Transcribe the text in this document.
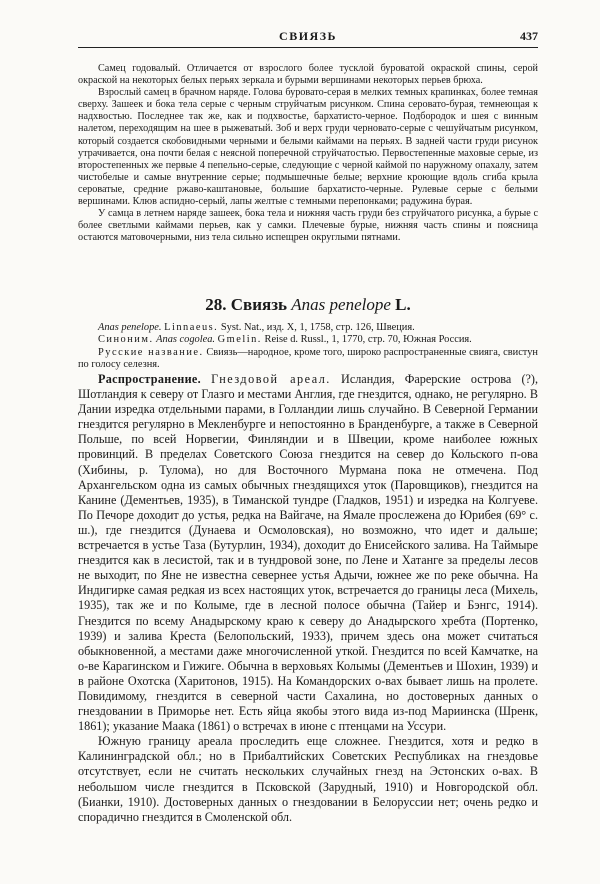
СВИЯЗЬ	437

Самец годовалый. Отличается от взрослого более тусклой буроватой окраской спины, серой окраской на некоторых белых перьях зеркала и бурыми вершинами некоторых перьев брюха.

Взрослый самец в брачном наряде. Голова буровато-серая в мелких темных крапинках, более темная сверху. Зашеек и бока тела серые с черным струйчатым рисунком. Спина серовато-бурая, темнеющая к надхвостью. Последнее так же, как и подхвостье, бархатисто-черное. Подбородок и шея с винным налетом, переходящим на шее в рыжеватый. Зоб и верх груди черновато-серые с чешуйчатым рисунком, который создается скобовидными черными и белыми каймами на перьях. В задней части груди рисунок утрачивается, она почти белая с неясной поперечной струйчатостью. Первостепенные маховые серые, из второстепенных же первые 4 пепельно-серые, следующие с черной каймой по наружному опахалу, затем чистобелые и самые внутренние серые; подмышечные белые; верхние кроющие вдоль сгиба крыла сероватые, средние ржаво-каштановые, большие бархатисто-черные. Рулевые серые с белыми вершинами. Клюв аспидно-серый, лапы желтые с темными перепонками; радужина бурая.

У самца в летнем наряде зашеек, бока тела и нижняя часть груди без струйчатого рисунка, а бурые с более светлыми каймами перьев, как у самки. Плечевые бурые, нижняя часть спины и поясница остаются матовочерными, низ тела сильно испещрен округлыми пятнами.

28. Свиязь Anas penelope L.

Anas penelope. Linnaeus. Syst. Nat., изд. X, 1, 1758, стр. 126, Швеция.

Синоним. Anas cogolea. Gmelin. Reise d. Russl., 1, 1770, стр. 70, Южная Россия.

Русские название. Свиязь—народное, кроме того, широко распространенные свияга, свистун по голосу селезня.

Распространение. Гнездовой ареал. Исландия, Фарерские острова (?), Шотландия к северу от Глазго и местами Англия, где гнездится, однако, не регулярно. В Дании изредка отдельными парами, в Голландии лишь случайно. В Северной Германии гнездится регулярно в Мекленбурге и непостоянно в Бранденбурге, а также в Северной Польше, по всей Норвегии, Финляндии и в Швеции, кроме наиболее южных провинций. В пределах Советского Союза гнездится на север до Кольского п-ова (Хибины, р. Тулома), но для Восточного Мурмана пока не отмечена. Под Архангельском одна из самых обычных гнездящихся уток (Паровщиков), гнездится на Канине (Дементьев, 1935), в Тиманской тундре (Гладков, 1951) и изредка на Колгуеве. По Печоре доходит до устья, редка на Вайгаче, на Ямале прослежена до Юрибея (69° с. ш.), где гнездится (Дунаева и Осмоловская), но возможно, что идет и дальше; встречается в устье Таза (Бутурлин, 1934), доходит до Енисейского залива. На Таймыре гнездится как в лесистой, так и в тундровой зоне, по Лене и Хатанге за пределы лесов не выходит, по Яне не известна севернее устья Адычи, южнее же по реке обычна. На Индигирке самая редкая из всех настоящих уток, встречается до границы леса (Михель, 1935), так же и по Колыме, где в лесной полосе обычна (Тайер и Бэнгс, 1914). Гнездится по всему Анадырскому краю к северу до Анадырского хребта (Портенко, 1939) и залива Креста (Белопольский, 1933), причем здесь она может считаться обыкновенной, а местами даже многочисленной уткой. Гнездится по всей Камчатке, на о-ве Карагинском и Гижиге. Обычна в верховьях Колымы (Дементьев и Шохин, 1939) и в районе Охотска (Харитонов, 1915). На Командорских о-вах бывает лишь на пролете. Повидимому, гнездится в северной части Сахалина, но достоверных данных о гнездовании в Приморье нет. Есть яйца якобы этого вида из-под Мариинска (Шренк, 1861); указание Маака (1861) о встречах в июне с птенцами на Уссури.

Южную границу ареала проследить еще сложнее. Гнездится, хотя и редко в Калининградской обл.; но в Прибалтийских Советских Республиках на гнездовье отсутствует, если не считать нескольких случайных гнезд на Эстонских о-вах. В небольшом числе гнездится в Псковской (Зарудный, 1910) и Новгородской обл. (Бианки, 1910). Достоверных данных о гнездовании в Белоруссии нет; очень редко и спорадично гнездится в Смоленской обл.
